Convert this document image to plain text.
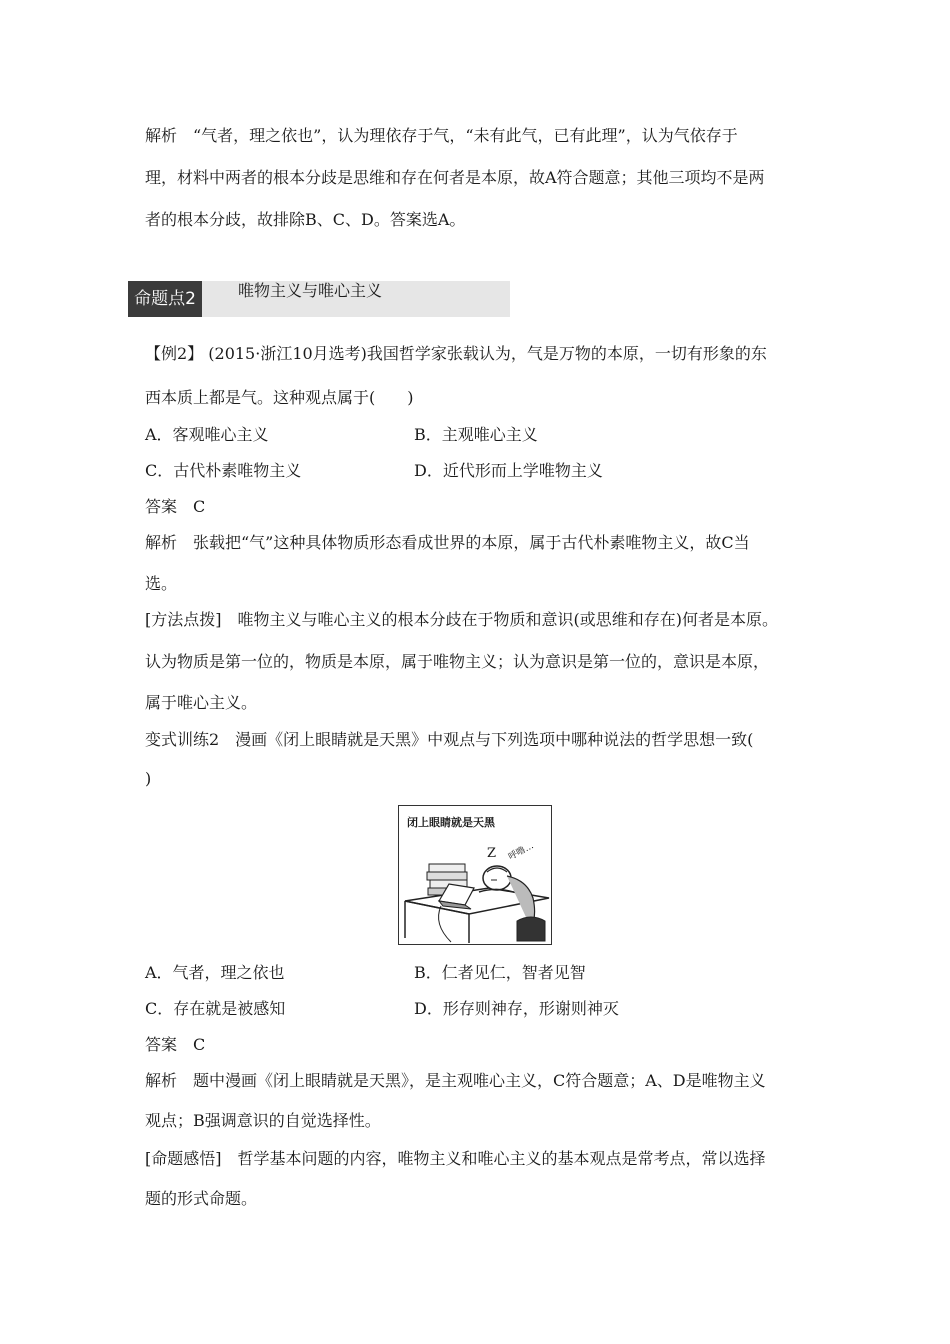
解析　“气者，理之依也”，认为理依存于气，“未有此气，已有此理”，认为气依存于
理，材料中两者的根本分歧是思维和存在何者是本原，故A符合题意；其他三项均不是两
者的根本分歧，故排除B、C、D。答案选A。
命题点2	唯物主义与唯心主义
【例2】 (2015·浙江10月选考)我国哲学家张载认为，气是万物的本原，一切有形象的东
西本质上都是气。这种观点属于(　　)
A．客观唯心主义	B．主观唯心主义
C．古代朴素唯物主义	D．近代形而上学唯物主义
答案　C
解析　张载把“气”这种具体物质形态看成世界的本原，属于古代朴素唯物主义，故C当
选。
[方法点拨]　唯物主义与唯心主义的根本分歧在于物质和意识(或思维和存在)何者是本原。
认为物质是第一位的，物质是本原，属于唯物主义；认为意识是第一位的，意识是本原，
属于唯心主义。
变式训练2　漫画《闭上眼睛就是天黑》中观点与下列选项中哪种说法的哲学思想一致(
)
闭上眼睛就是天黑
Z 呼噜…
A．气者，理之依也	B．仁者见仁，智者见智
C．存在就是被感知	D．形存则神存，形谢则神灭
答案　C
解析　题中漫画《闭上眼睛就是天黑》，是主观唯心主义，C符合题意；A、D是唯物主义
观点；B强调意识的自觉选择性。
[命题感悟]　哲学基本问题的内容，唯物主义和唯心主义的基本观点是常考点，常以选择
题的形式命题。
